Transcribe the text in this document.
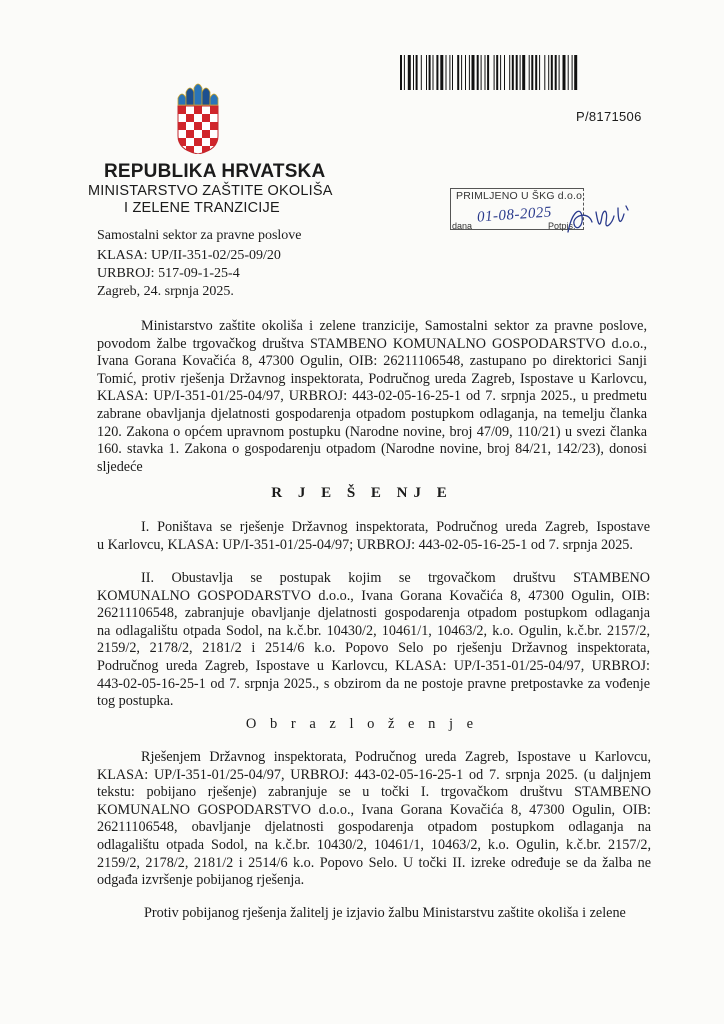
P/8171506
REPUBLIKA HRVATSKA
MINISTARSTVO ZAŠTITE OKOLIŠA
I ZELENE TRANZICIJE
Samostalni sektor za pravne poslove
KLASA: UP/II-351-02/25-09/20
URBROJ: 517-09-1-25-4
Zagreb, 24. srpnja 2025.
PRIMLJENO U ŠKG d.o.o.
dana
01-08-2025
Potpis:
Ministarstvo zaštite okoliša i zelene tranzicije, Samostalni sektor za pravne poslove,
povodom žalbe trgovačkog društva STAMBENO KOMUNALNO GOSPODARSTVO d.o.o.,
Ivana Gorana Kovačića 8, 47300 Ogulin, OIB: 26211106548, zastupano po direktorici Sanji
Tomić, protiv rješenja Državnog inspektorata, Područnog ureda Zagreb, Ispostave u Karlovcu,
KLASA: UP/I-351-01/25-04/97, URBROJ: 443-02-05-16-25-1 od 7. srpnja 2025., u predmetu
zabrane obavljanja djelatnosti gospodarenja otpadom postupkom odlaganja, na temelju članka
120. Zakona o općem upravnom postupku (Narodne novine, broj 47/09, 110/21) u svezi članka
160. stavka 1. Zakona o gospodarenju otpadom (Narodne novine, broj 84/21, 142/23), donosi
sljedeće
R J E Š E NJ E
I. Poništava se rješenje Državnog inspektorata, Područnog ureda Zagreb, Ispostave
u Karlovcu, KLASA: UP/I-351-01/25-04/97; URBROJ: 443-02-05-16-25-1 od 7. srpnja 2025.
II. Obustavlja se postupak kojim se trgovačkom društvu STAMBENO
KOMUNALNO GOSPODARSTVO d.o.o., Ivana Gorana Kovačića 8, 47300 Ogulin, OIB:
26211106548, zabranjuje obavljanje djelatnosti gospodarenja otpadom postupkom odlaganja
na odlagalištu otpada Sodol, na k.č.br. 10430/2, 10461/1, 10463/2, k.o. Ogulin, k.č.br. 2157/2,
2159/2, 2178/2, 2181/2 i 2514/6 k.o. Popovo Selo po rješenju Državnog inspektorata,
Područnog ureda Zagreb, Ispostave u Karlovcu, KLASA: UP/I-351-01/25-04/97, URBROJ:
443-02-05-16-25-1 od 7. srpnja 2025., s obzirom da ne postoje pravne pretpostavke za vođenje
tog postupka.
O b r a z l o ž e n j e
Rješenjem Državnog inspektorata, Područnog ureda Zagreb, Ispostave u Karlovcu,
KLASA: UP/I-351-01/25-04/97, URBROJ: 443-02-05-16-25-1 od 7. srpnja 2025. (u daljnjem
tekstu: pobijano rješenje) zabranjuje se u točki I. trgovačkom društvu STAMBENO
KOMUNALNO GOSPODARSTVO d.o.o., Ivana Gorana Kovačića 8, 47300 Ogulin, OIB:
26211106548, obavljanje djelatnosti gospodarenja otpadom postupkom odlaganja na
odlagalištu otpada Sodol, na k.č.br. 10430/2, 10461/1, 10463/2, k.o. Ogulin, k.č.br. 2157/2,
2159/2, 2178/2, 2181/2 i 2514/6 k.o. Popovo Selo. U točki II. izreke određuje se da žalba ne
odgađa izvršenje pobijanog rješenja.
Protiv pobijanog rješenja žalitelj je izjavio žalbu Ministarstvu zaštite okoliša i zelene
